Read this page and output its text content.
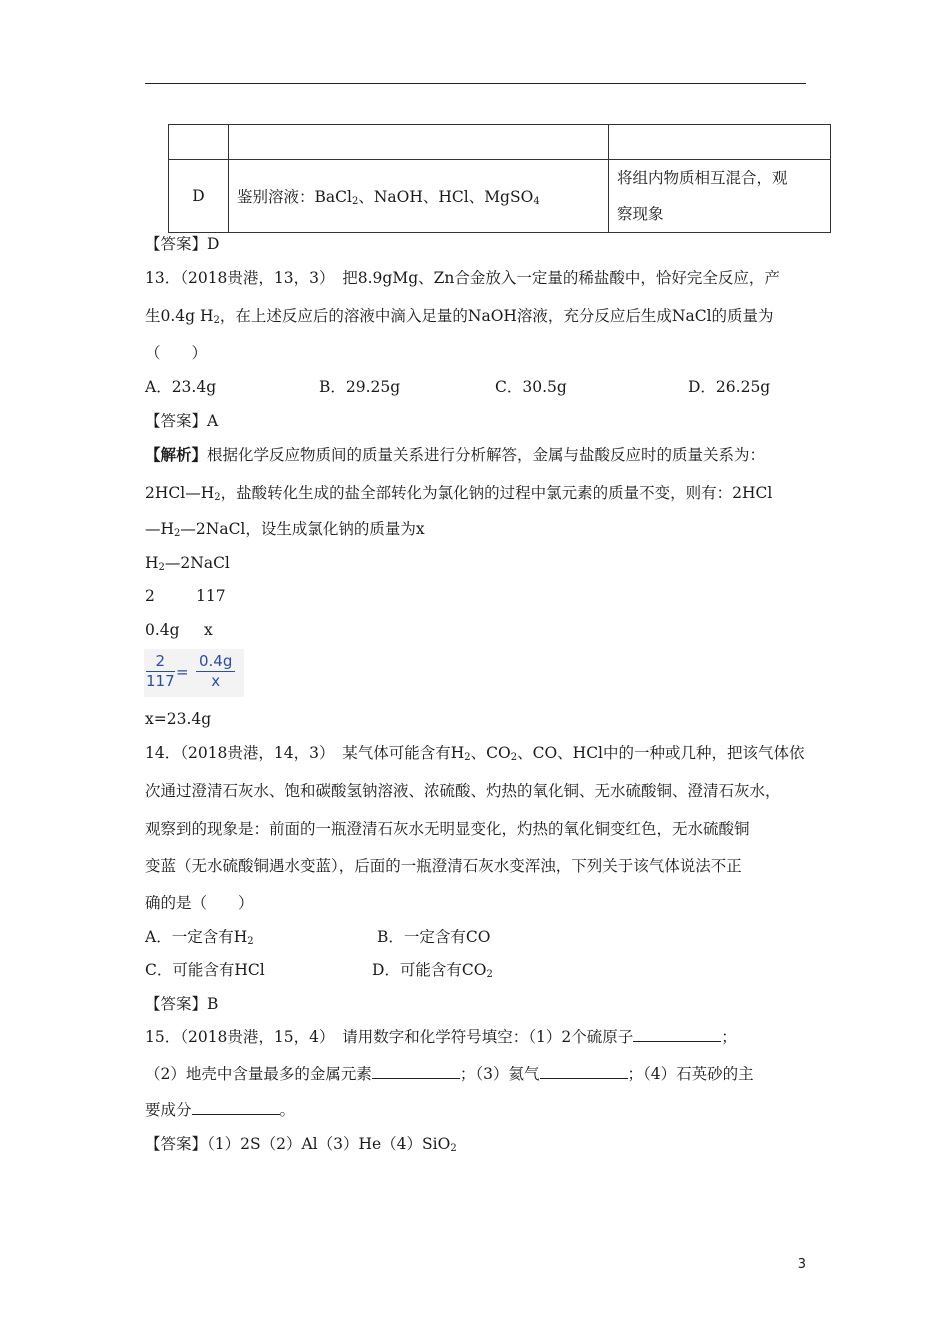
D	鉴别溶液：BaCl$_2$、NaOH、HCl、MgSO$_4$	将组内物质相互混合，观
察现象
【答案】D
13．（2018贵港，13，3）　把8.9gMg、Zn合金放入一定量的稀盐酸中，恰好完全反应，产
生0.4g $H_2$，在上述反应后的溶液中滴入足量的NaOH溶液，充分反应后生成NaCl的质量为
（　　）
A．23.4g	B．29.25g	C．30.5g	D．26.25g
【答案】A
【解析】根据化学反应物质间的质量关系进行分析解答，金属与盐酸反应时的质量关系为：
$2HCl—H_2$，盐酸转化生成的盐全部转化为氯化钠的过程中氯元素的质量不变，则有：2HCl
$—H_2—2NaCl$，设生成氯化钠的质量为x
$H_2—2NaCl$
2	117
0.4g x
$\frac{2}{117} = \frac{0.4g}{x}$
x=23.4g
14．（2018贵港，14，3）　某气体可能含有$H_2$、$CO_2$、CO、HCl中的一种或几种，把该气体依
次通过澄清石灰水、饱和碳酸氢钠溶液、浓硫酸、灼热的氧化铜、无水硫酸铜、澄清石灰水，
观察到的现象是：前面的一瓶澄清石灰水无明显变化，灼热的氧化铜变红色，无水硫酸铜
变蓝（无水硫酸铜遇水变蓝），后面的一瓶澄清石灰水变浑浊，下列关于该气体说法不正
确的是（　　）
A．一定含有$H_2$	B．一定含有CO
C．可能含有HCl	D．可能含有$CO_2$
【答案】B
15．（2018贵港，15，4）　请用数字和化学符号填空：（1）2个硫原子	；
（2）地壳中含量最多的金属元素	；（3）氦气	；（4）石英砂的主
要成分	。
【答案】（1）2S（2）Al（3）He（4）SiO$_2$
3
